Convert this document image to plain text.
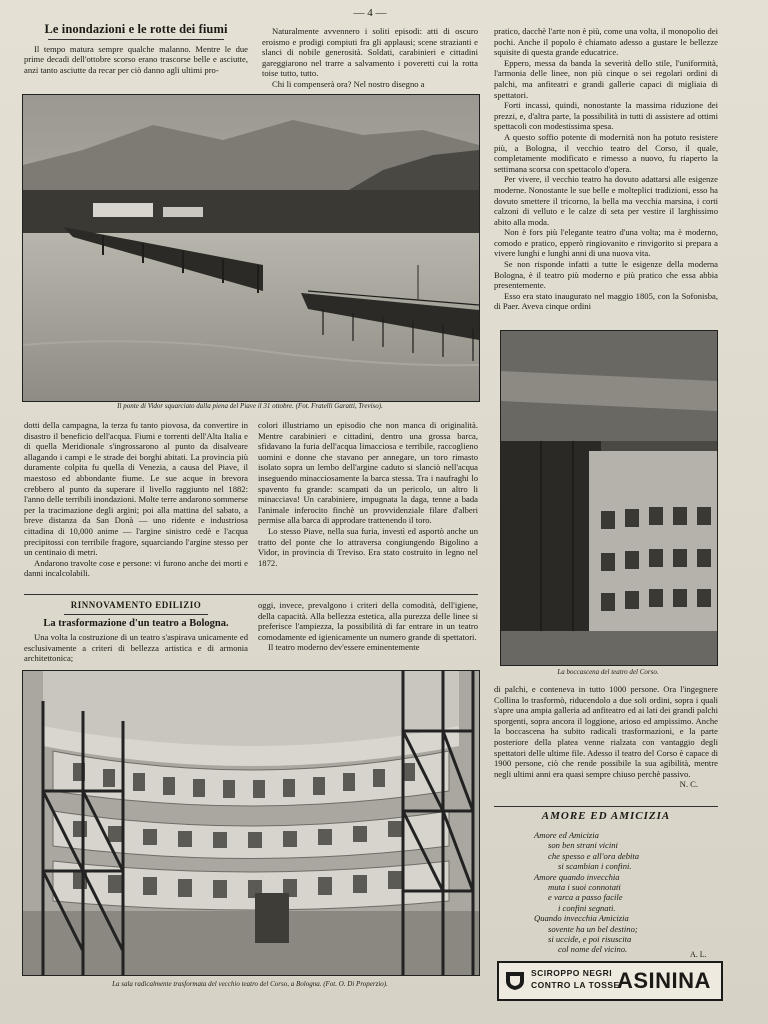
— 4 —
Le inondazioni e le rotte dei fiumi

Il tempo matura sempre qualche malanno. Mentre le due prime decadi dell'ottobre scorso erano trascorse belle e asciutte, anzi tanto asciutte da recar per ciò danno agli ultimi pro-

Naturalmente avvennero i soliti episodi: atti di oscuro eroismo e prodigi compiuti fra gli applausi; scene strazianti e slanci di nobile generosità. Soldati, carabinieri e cittadini gareggiarono nel trarre a salvamento i poveretti cui la rotta toise tutto, tutto.

Chi li compenserà ora? Nel nostro disegno a

Il ponte di Vidor squarciato dalla piena del Piave il 31 ottobre. (Fot. Fratelli Garatti, Treviso).

dotti della campagna, la terza fu tanto piovosa, da convertire in disastro il beneficio dell'acqua. Fiumi e torrenti dell'Alta Italia e di quella Meridionale s'ingrossarono al punto da disalveare allagando i campi e le strade dei borghi abitati. La provincia più duramente colpita fu quella di Venezia, a causa del Piave, il maestoso ed abbondante fiume. Le sue acque in brevora crebbero al punto da superare il livello raggiunto nel 1882: l'anno delle terribili inondazioni. Molte terre andarono sommerse per la tracimazione degli argini; poi alla mattina del sabato, a breve distanza da San Donà — uno ridente e industriosa cittadina di 10,000 anime — l'argine sinistro cedè e l'acqua precipitossi con terribile fragore, squarciando l'argine stesso per un centinaio di metri.

Andarono travolte cose e persone: vi furono anche dei morti e danni incalcolabili.

colori illustriamo un episodio che non manca di originalità. Mentre carabinieri e cittadini, dentro una grossa barca, sfidavano la furia dell'acqua limacciosa e terribile, raccoglieno uomini e donne che stavano per annegare, un toro rimasto isolato sopra un lembo dell'argine caduto si slanciò nell'acqua inseguendo minacciosamente la barca stessa. Tra i naufraghi lo spavento fu grande: scampati da un pericolo, un altro li minacciava! Un carabiniere, impugnata la daga, tenne a bada l'animale inferocito finchè un provvidenziale filare d'alberi permise alla barca di approdare trattenendo il toro.

Lo stesso Piave, nella sua furia, investì ed asportò anche un tratto del ponte che lo attraversa congiungendo Bigolino a Vidor, in provincia di Treviso. Era stato costruito in legno nel 1872.

RINNOVAMENTO EDILIZIO
La trasformazione d'un teatro a Bologna.

Una volta la costruzione di un teatro s'aspirava unicamente ed esclusivamente a criteri di bellezza artistica e di armonia architettonica;

oggi, invece, prevalgono i criteri della comodità, dell'igiene, della capacità. Alla bellezza estetica, alla purezza delle linee si preferisce l'ampiezza, la possibilità di far entrare in un teatro comodamente ed igienicamente un numero grande di spettatori.

Il teatro moderno dev'essere eminentemente

La sala radicalmente trasformata del vecchio teatro del Corso, a Bologna. (Fot. O. Di Properzio).

pratico, dacchè l'arte non è più, come una volta, il monopolio dei pochi. Anche il popolo è chiamato adesso a gustare le bellezze squisite di questa grande educatrice.

Eppero, messa da banda la severità dello stile, l'uniformità, l'armonia delle linee, non più cinque o sei regolari ordini di palchi, ma anfiteatri e grandi gallerie capaci di migliaia di spettatori.

Forti incassi, quindi, nonostante la massima riduzione dei prezzi, e, d'altra parte, la possibilità in tutti di assistere ad ottimi spettacoli con modestissima spesa.

A questo soffio potente di modernità non ha potuto resistere più, a Bologna, il vecchio teatro del Corso, il quale, completamente modificato e rimesso a nuovo, fu riaperto la settimana scorsa con spettacolo d'opera.

Per vivere, il vecchio teatro ha dovuto adattarsi alle esigenze moderne. Nonostante le sue belle e molteplici tradizioni, esso ha dovuto smettere il tricorno, la bella ma vecchia marsina, i corti calzoni di velluto e le calze di seta per vestire il larghissimo abito alla moda.

Non è fors più l'elegante teatro d'una volta; ma è moderno, comodo e pratico, epperò ringiovanito e rinvigorito si prepara a vivere lunghi e lunghi anni di una nuova vita.

Se non risponde infatti a tutte le esigenze della moderna Bologna, è il teatro più moderno e più pratico che essa abbia presentemente.

Esso era stato inaugurato nel maggio 1805, con la Sofonisba, di Paer. Aveva cinque ordini

La boccascena del teatro del Corso.

di palchi, e conteneva in tutto 1000 persone. Ora l'ingegnere Collina lo trasformò, riducendolo a due soli ordini, sopra i quali s'apre una ampia galleria ad anfiteatro ed ai lati dei grandi palchi sporgenti, sopra ancora il loggione, arioso ed ampissimo. Anche la boccascena ha subito radicali trasformazioni, e la parte posteriore della platea venne rialzata con vantaggio degli spettatori delle ultime file. Adesso il teatro del Corso è capace di 1900 persone, ciò che rende possibile la sua agibilità, mentre negli ultimi anni era quasi sempre chiuso perchè passivo.

N. C.
AMORE ED AMICIZIA
Amore ed Amicizia
son ben strani vicini
che spesso e all'ora debita
si scambian i confini.
Amore quando invecchia
muta i suoi connotati
e varca a passo facile
i confini segnati.
Quando invecchia Amicizia
sovente ha un bel destino;
si uccide, e poi risuscita
col nome del vicino.
A. L.
SCIROPPO NEGRI
CONTRO LA TOSSE
ASININA
